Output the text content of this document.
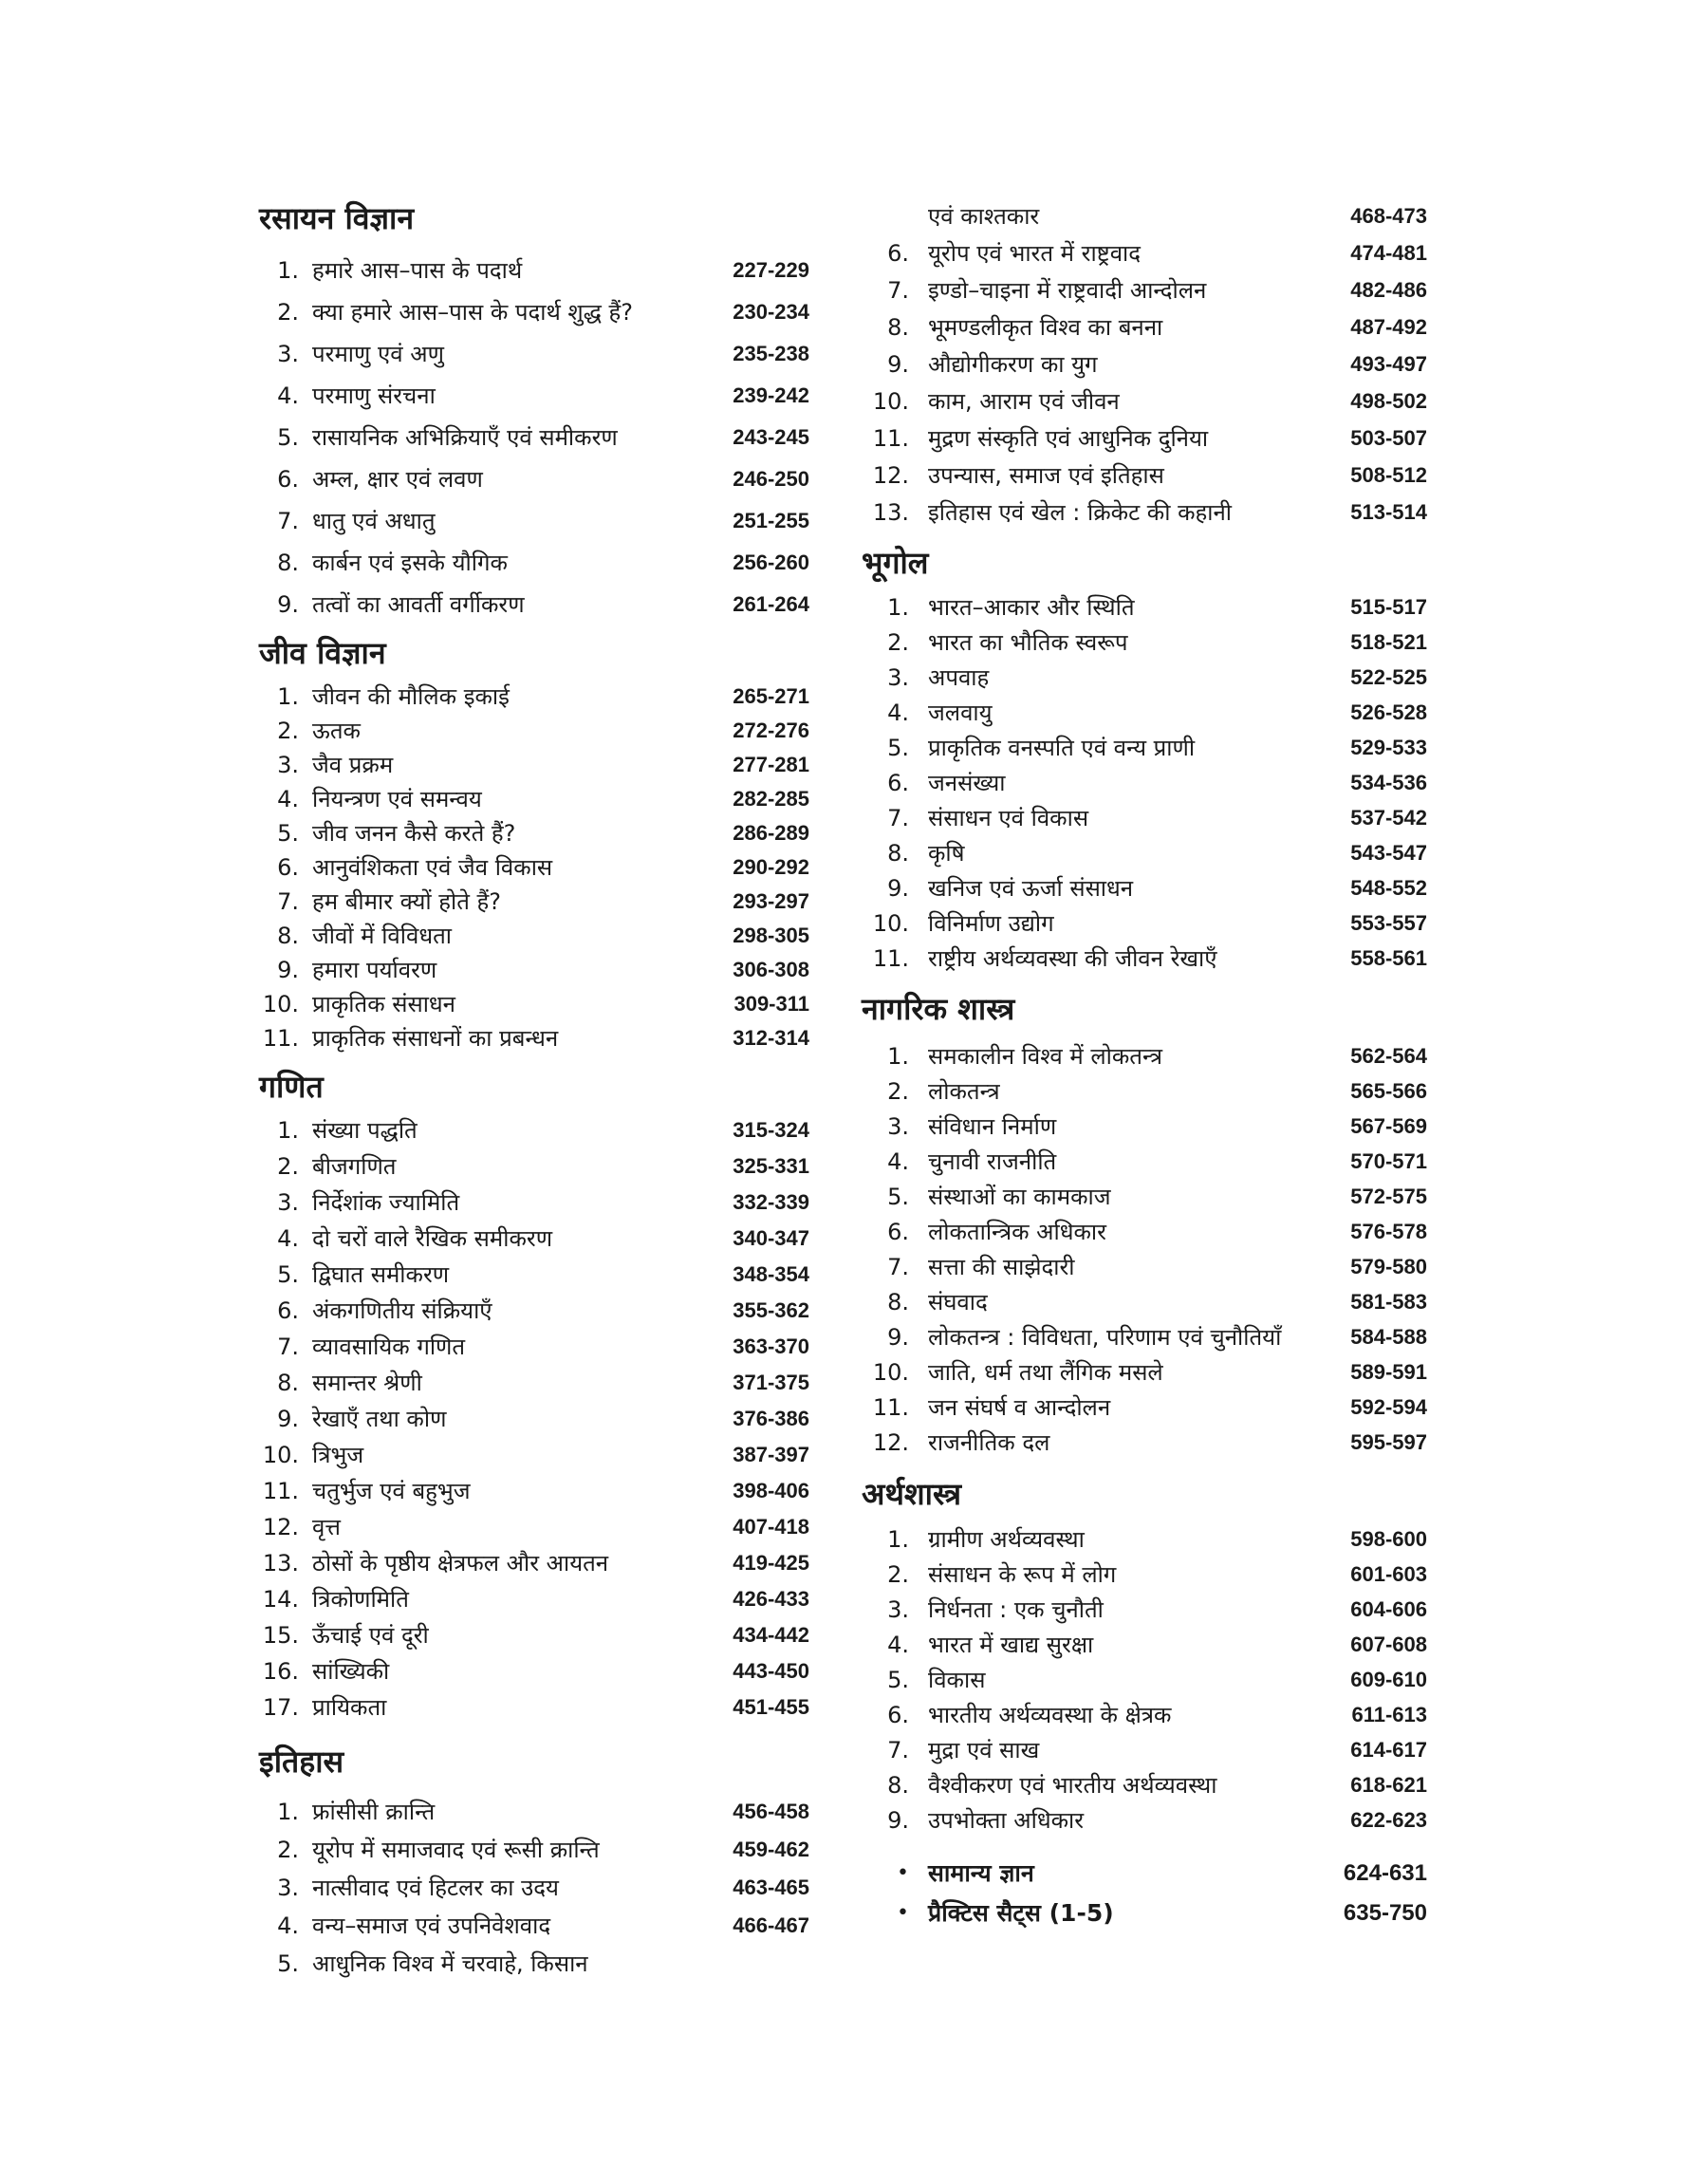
रसायन विज्ञान
1. हमारे आस–पास के पदार्थ	227-229
2. क्या हमारे आस–पास के पदार्थ शुद्ध हैं?	230-234
3. परमाणु एवं अणु	235-238
4. परमाणु संरचना	239-242
5. रासायनिक अभिक्रियाएँ एवं समीकरण	243-245
6. अम्ल, क्षार एवं लवण	246-250
7. धातु एवं अधातु	251-255
8. कार्बन एवं इसके यौगिक	256-260
9. तत्वों का आवर्ती वर्गीकरण	261-264
जीव विज्ञान
1. जीवन की मौलिक इकाई	265-271
2. ऊतक	272-276
3. जैव प्रक्रम	277-281
4. नियन्त्रण एवं समन्वय	282-285
5. जीव जनन कैसे करते हैं?	286-289
6. आनुवंशिकता एवं जैव विकास	290-292
7. हम बीमार क्यों होते हैं?	293-297
8. जीवों में विविधता	298-305
9. हमारा पर्यावरण	306-308
10. प्राकृतिक संसाधन	309-311
11. प्राकृतिक संसाधनों का प्रबन्धन	312-314
गणित
1. संख्या पद्धति	315-324
2. बीजगणित	325-331
3. निर्देशांक ज्यामिति	332-339
4. दो चरों वाले रैखिक समीकरण	340-347
5. द्विघात समीकरण	348-354
6. अंकगणितीय संक्रियाएँ	355-362
7. व्यावसायिक गणित	363-370
8. समान्तर श्रेणी	371-375
9. रेखाएँ तथा कोण	376-386
10. त्रिभुज	387-397
11. चतुर्भुज एवं बहुभुज	398-406
12. वृत्त	407-418
13. ठोसों के पृष्ठीय क्षेत्रफल और आयतन	419-425
14. त्रिकोणमिति	426-433
15. ऊँचाई एवं दूरी	434-442
16. सांख्यिकी	443-450
17. प्रायिकता	451-455
इतिहास
1. फ्रांसीसी क्रान्ति	456-458
2. यूरोप में समाजवाद एवं रूसी क्रान्ति	459-462
3. नात्सीवाद एवं हिटलर का उदय	463-465
4. वन्य–समाज एवं उपनिवेशवाद	466-467
5. आधुनिक विश्व में चरवाहे, किसान
एवं काश्तकार	468-473
6. यूरोप एवं भारत में राष्ट्रवाद	474-481
7. इण्डो–चाइना में राष्ट्रवादी आन्दोलन	482-486
8. भूमण्डलीकृत विश्व का बनना	487-492
9. औद्योगीकरण का युग	493-497
10. काम, आराम एवं जीवन	498-502
11. मुद्रण संस्कृति एवं आधुनिक दुनिया	503-507
12. उपन्यास, समाज एवं इतिहास	508-512
13. इतिहास एवं खेल : क्रिकेट की कहानी	513-514
भूगोल
1. भारत–आकार और स्थिति	515-517
2. भारत का भौतिक स्वरूप	518-521
3. अपवाह	522-525
4. जलवायु	526-528
5. प्राकृतिक वनस्पति एवं वन्य प्राणी	529-533
6. जनसंख्या	534-536
7. संसाधन एवं विकास	537-542
8. कृषि	543-547
9. खनिज एवं ऊर्जा संसाधन	548-552
10. विनिर्माण उद्योग	553-557
11. राष्ट्रीय अर्थव्यवस्था की जीवन रेखाएँ	558-561
नागरिक शास्त्र
1. समकालीन विश्व में लोकतन्त्र	562-564
2. लोकतन्त्र	565-566
3. संविधान निर्माण	567-569
4. चुनावी राजनीति	570-571
5. संस्थाओं का कामकाज	572-575
6. लोकतान्त्रिक अधिकार	576-578
7. सत्ता की साझेदारी	579-580
8. संघवाद	581-583
9. लोकतन्त्र : विविधता, परिणाम एवं चुनौतियाँ	584-588
10. जाति, धर्म तथा लैंगिक मसले	589-591
11. जन संघर्ष व आन्दोलन	592-594
12. राजनीतिक दल	595-597
अर्थशास्त्र
1. ग्रामीण अर्थव्यवस्था	598-600
2. संसाधन के रूप में लोग	601-603
3. निर्धनता : एक चुनौती	604-606
4. भारत में खाद्य सुरक्षा	607-608
5. विकास	609-610
6. भारतीय अर्थव्यवस्था के क्षेत्रक	611-613
7. मुद्रा एवं साख	614-617
8. वैश्वीकरण एवं भारतीय अर्थव्यवस्था	618-621
9. उपभोक्ता अधिकार	622-623
• सामान्य ज्ञान	624-631
• प्रैक्टिस सैट्स (1-5)	635-750
